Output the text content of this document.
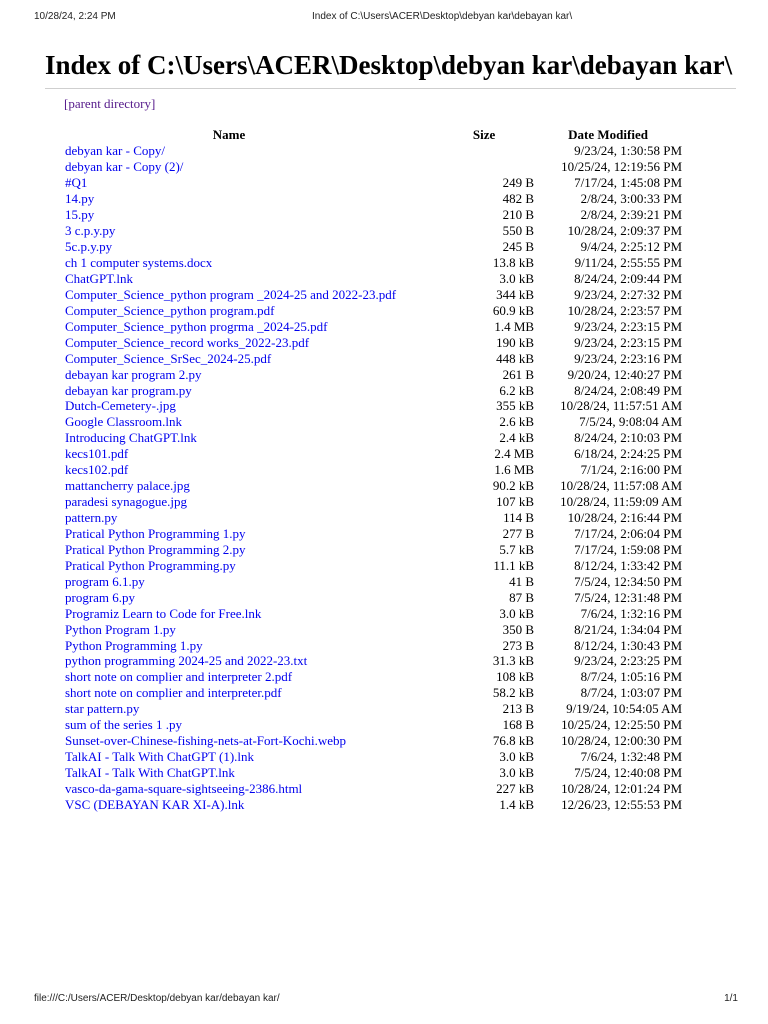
10/28/24, 2:24 PM	Index of C:\Users\ACER\Desktop\debyan kar\debayan kar\
Index of C:\Users\ACER\Desktop\debyan kar\debayan kar\
[parent directory]
Name	Size	Date Modified
debyan kar - Copy/		9/23/24, 1:30:58 PM
debyan kar - Copy (2)/		10/25/24, 12:19:56 PM
#Q1	249 B	7/17/24, 1:45:08 PM
14.py	482 B	2/8/24, 3:00:33 PM
15.py	210 B	2/8/24, 2:39:21 PM
3 c.p.y.py	550 B	10/28/24, 2:09:37 PM
5c.p.y.py	245 B	9/4/24, 2:25:12 PM
ch 1 computer systems.docx	13.8 kB	9/11/24, 2:55:55 PM
ChatGPT.lnk	3.0 kB	8/24/24, 2:09:44 PM
Computer_Science_python program _2024-25 and 2022-23.pdf	344 kB	9/23/24, 2:27:32 PM
Computer_Science_python program.pdf	60.9 kB	10/28/24, 2:23:57 PM
Computer_Science_python progrma _2024-25.pdf	1.4 MB	9/23/24, 2:23:15 PM
Computer_Science_record works_2022-23.pdf	190 kB	9/23/24, 2:23:15 PM
Computer_Science_SrSec_2024-25.pdf	448 kB	9/23/24, 2:23:16 PM
debayan kar program 2.py	261 B	9/20/24, 12:40:27 PM
debayan kar program.py	6.2 kB	8/24/24, 2:08:49 PM
Dutch-Cemetery-.jpg	355 kB	10/28/24, 11:57:51 AM
Google Classroom.lnk	2.6 kB	7/5/24, 9:08:04 AM
Introducing ChatGPT.lnk	2.4 kB	8/24/24, 2:10:03 PM
kecs101.pdf	2.4 MB	6/18/24, 2:24:25 PM
kecs102.pdf	1.6 MB	7/1/24, 2:16:00 PM
mattancherry palace.jpg	90.2 kB	10/28/24, 11:57:08 AM
paradesi synagogue.jpg	107 kB	10/28/24, 11:59:09 AM
pattern.py	114 B	10/28/24, 2:16:44 PM
Pratical Python Programming 1.py	277 B	7/17/24, 2:06:04 PM
Pratical Python Programming 2.py	5.7 kB	7/17/24, 1:59:08 PM
Pratical Python Programming.py	11.1 kB	8/12/24, 1:33:42 PM
program 6.1.py	41 B	7/5/24, 12:34:50 PM
program 6.py	87 B	7/5/24, 12:31:48 PM
Programiz Learn to Code for Free.lnk	3.0 kB	7/6/24, 1:32:16 PM
Python Program 1.py	350 B	8/21/24, 1:34:04 PM
Python Programming 1.py	273 B	8/12/24, 1:30:43 PM
python programming 2024-25 and 2022-23.txt	31.3 kB	9/23/24, 2:23:25 PM
short note on complier and interpreter 2.pdf	108 kB	8/7/24, 1:05:16 PM
short note on complier and interpreter.pdf	58.2 kB	8/7/24, 1:03:07 PM
star pattern.py	213 B	9/19/24, 10:54:05 AM
sum of the series 1 .py	168 B	10/25/24, 12:25:50 PM
Sunset-over-Chinese-fishing-nets-at-Fort-Kochi.webp	76.8 kB	10/28/24, 12:00:30 PM
TalkAI - Talk With ChatGPT (1).lnk	3.0 kB	7/6/24, 1:32:48 PM
TalkAI - Talk With ChatGPT.lnk	3.0 kB	7/5/24, 12:40:08 PM
vasco-da-gama-square-sightseeing-2386.html	227 kB	10/28/24, 12:01:24 PM
VSC (DEBAYAN KAR XI-A).lnk	1.4 kB	12/26/23, 12:55:53 PM
file:///C:/Users/ACER/Desktop/debyan kar/debayan kar/	1/1
